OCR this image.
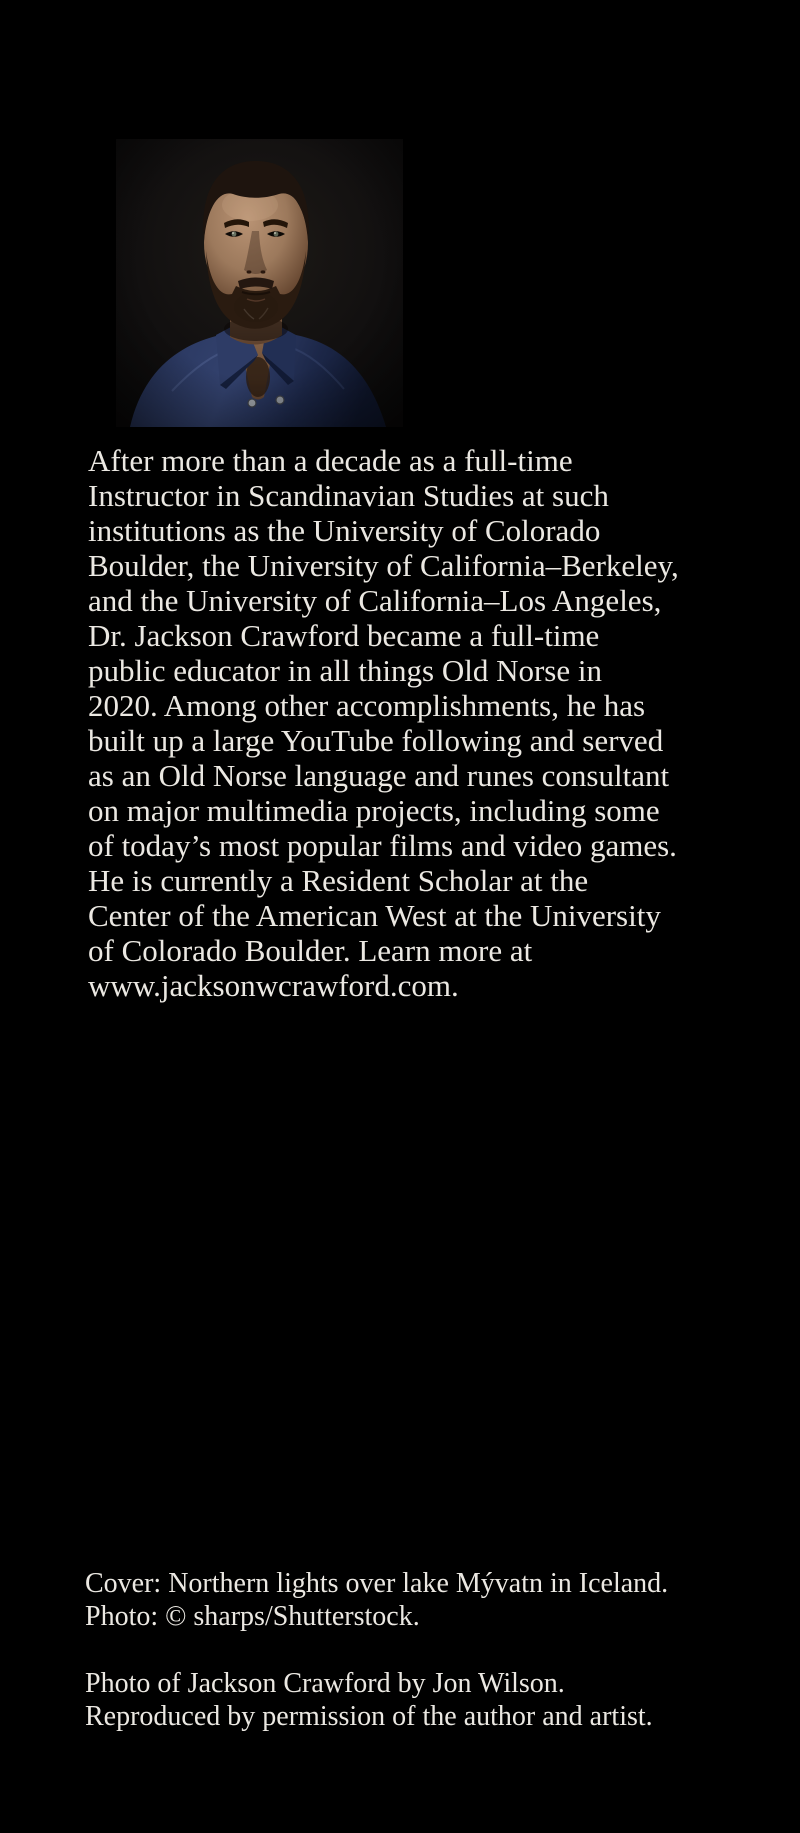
After more than a decade as a full-time
Instructor in Scandinavian Studies at such
institutions as the University of Colorado
Boulder, the University of California–Berkeley,
and the University of California–Los Angeles,
Dr. Jackson Crawford became a full-time
public educator in all things Old Norse in
2020. Among other accomplishments, he has
built up a large YouTube following and served
as an Old Norse language and runes consultant
on major multimedia projects, including some
of today’s most popular films and video games.
He is currently a Resident Scholar at the
Center of the American West at the University
of Colorado Boulder. Learn more at
www.jacksonwcrawford.com.
Cover: Northern lights over lake Mývatn in Iceland.
Photo: © sharps/Shutterstock.
Photo of Jackson Crawford by Jon Wilson.
Reproduced by permission of the author and artist.
